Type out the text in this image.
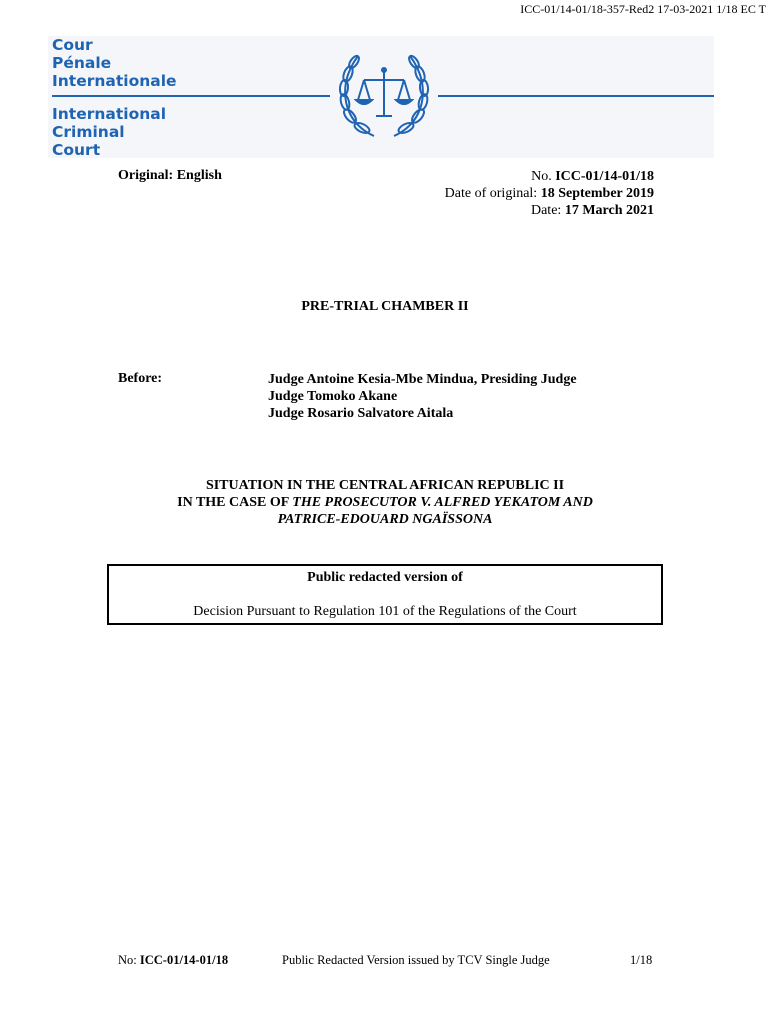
ICC-01/14-01/18-357-Red2 17-03-2021 1/18 EC T
Cour
Pénale
Internationale
International
Criminal
Court
Original: English	No. ICC-01/14-01/18
Date of original: 18 September 2019
Date: 17 March 2021
PRE-TRIAL CHAMBER II
Before:	Judge Antoine Kesia-Mbe Mindua, Presiding Judge
Judge Tomoko Akane
Judge Rosario Salvatore Aitala
SITUATION IN THE CENTRAL AFRICAN REPUBLIC II
IN THE CASE OF THE PROSECUTOR V. ALFRED YEKATOM AND
PATRICE-EDOUARD NGAÏSSONA
Public redacted version of
Decision Pursuant to Regulation 101 of the Regulations of the Court
No: ICC-01/14-01/18	Public Redacted Version issued by TCV Single Judge	1/18
